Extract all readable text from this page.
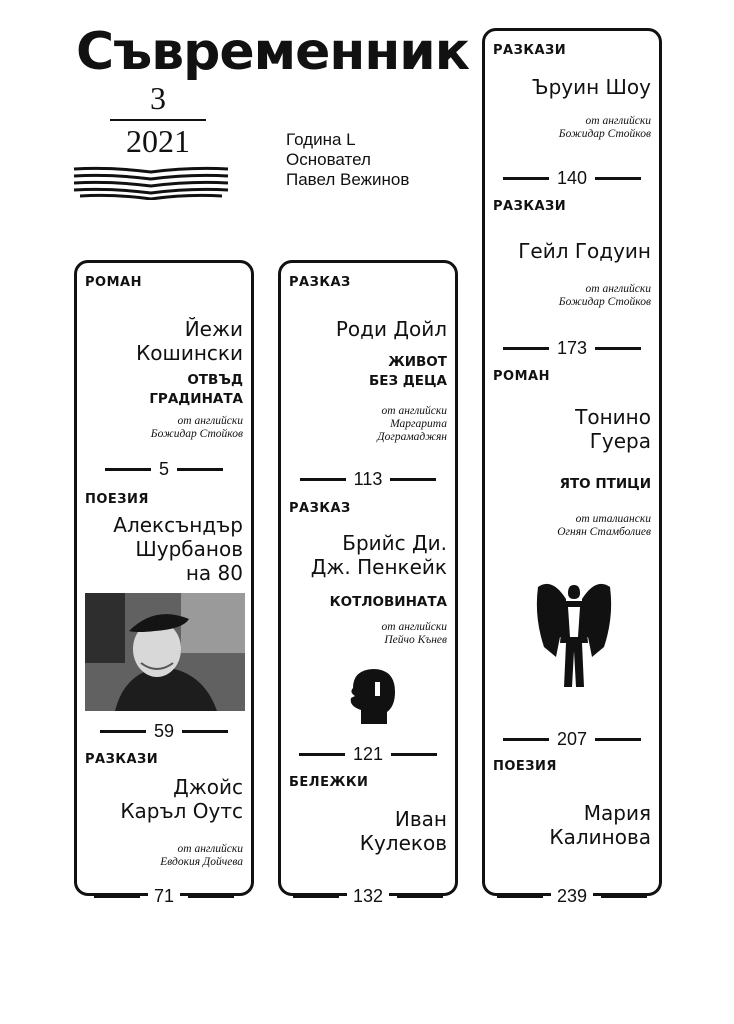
Съвременник
3
2021	Година L
Основател
Павел Вежинов
РОМАН
Йежи
Кошински
ОТВЪД
ГРАДИНАТА
от английски
Божидар Стойков
5
ПОЕЗИЯ
Алексъндър
Шурбанов
на 80
59
РАЗКАЗИ
Джойс
Каръл Оутс
от английски
Евдокия Дойчева
71
РАЗКАЗ
Роди Дойл
ЖИВОТ
БЕЗ ДЕЦА
от английски
Маргарита
Дограмаджян
113
РАЗКАЗ
Брийс Ди.
Дж. Пенкейк
КОТЛОВИНАТА
от английски
Пейчо Кънев
121
БЕЛЕЖКИ
Иван
Кулеков
132
РАЗКАЗИ
Ъруин Шоу
от английски
Божидар Стойков
140
РАЗКАЗИ
Гейл Годуин
от английски
Божидар Стойков
173
РОМАН
Тонино
Гуера
ЯТО ПТИЦИ
от италиански
Огнян Стамболиев
207
ПОЕЗИЯ
Мария
Калинова
239
